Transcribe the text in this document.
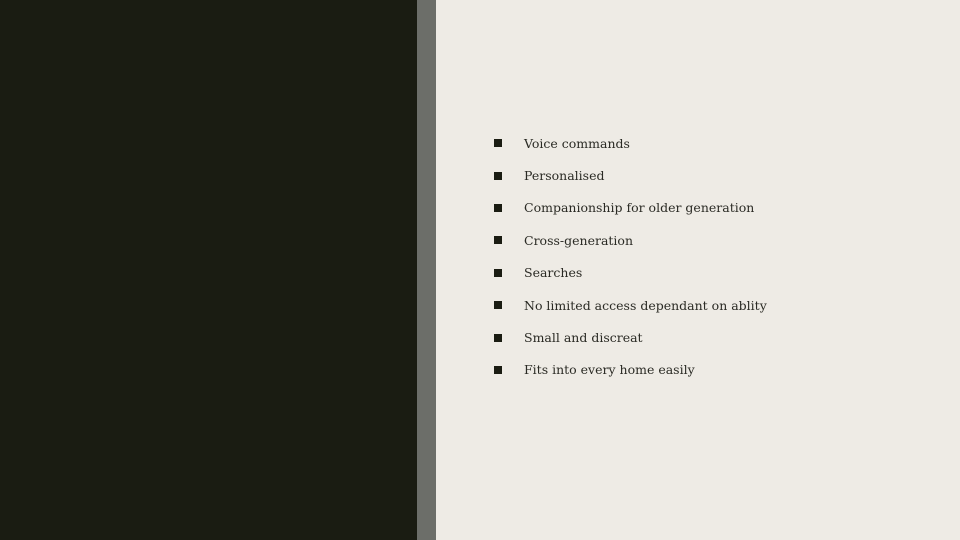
Voice commands
Personalised
Companionship for older generation
Cross-generation
Searches
No limited access dependant on ablity
Small and discreat
Fits into every home easily
